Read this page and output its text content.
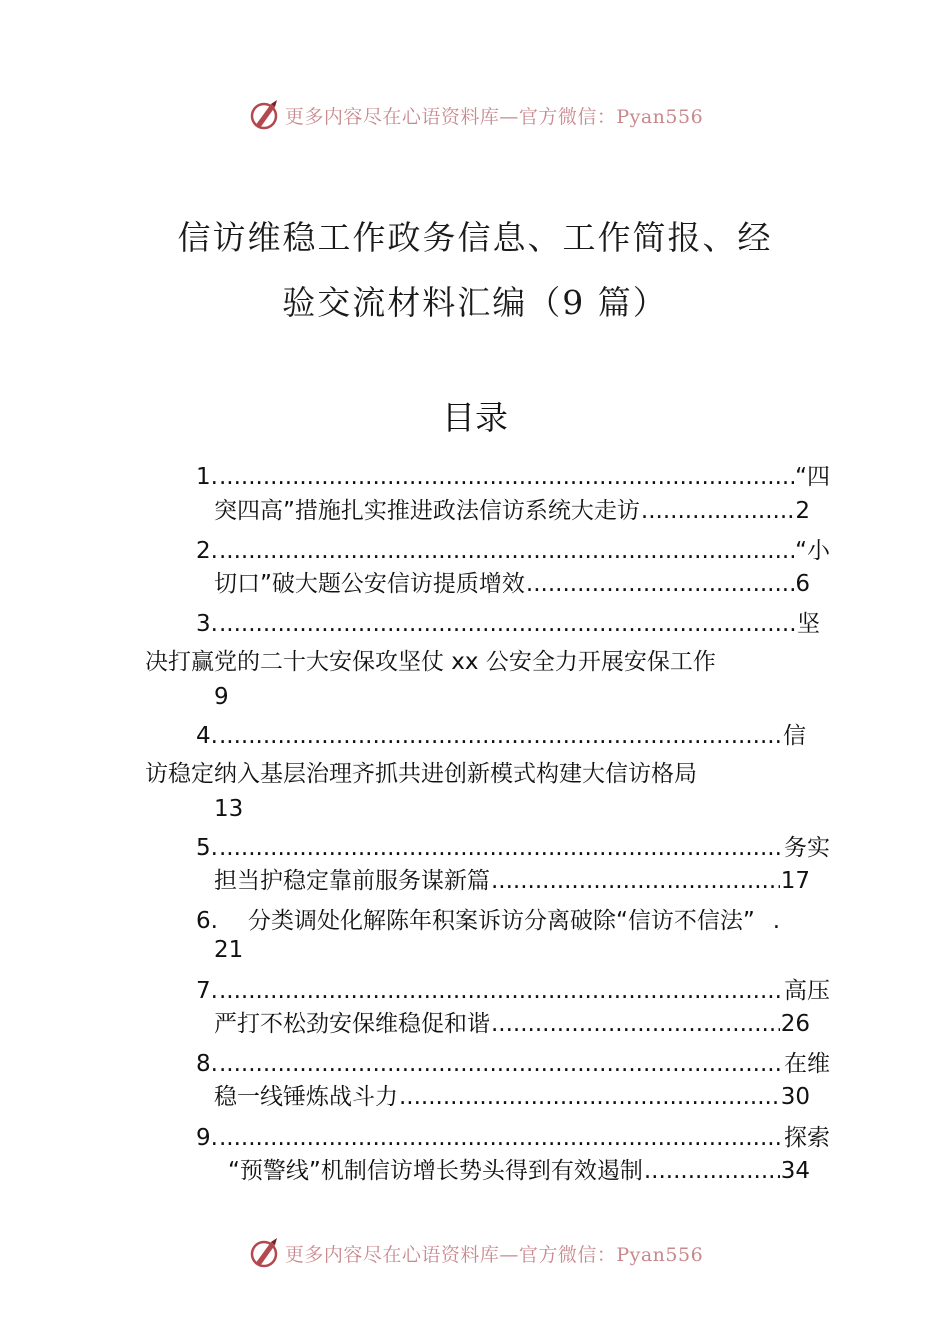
更多内容尽在心语资料库—官方微信：Pyan556
信访维稳工作政务信息、工作简报、经
验交流材料汇编（9 篇）
目录
1. .....	“四
突四高”措施扎实推进政法信访系统大走访 .....	2
2. .....	“小
切口”破大题公安信访提质增效 .....	6
3. .....	坚
决打赢党的二十大安保攻坚仗 xx 公安全力开展安保工作
9
4. .....	信
访稳定纳入基层治理齐抓共进创新模式构建大信访格局
13
5. .....	务实
担当护稳定靠前服务谋新篇 .....	17
6. 分类调处化解陈年积案诉访分离破除“信访不信法” .
21
7. .....	高压
严打不松劲安保维稳促和谐 .....	26
8. .....	在维
稳一线锤炼战斗力 .....	30
9. .....	探索
“预警线”机制信访增长势头得到有效遏制 .....	34
更多内容尽在心语资料库—官方微信：Pyan556
